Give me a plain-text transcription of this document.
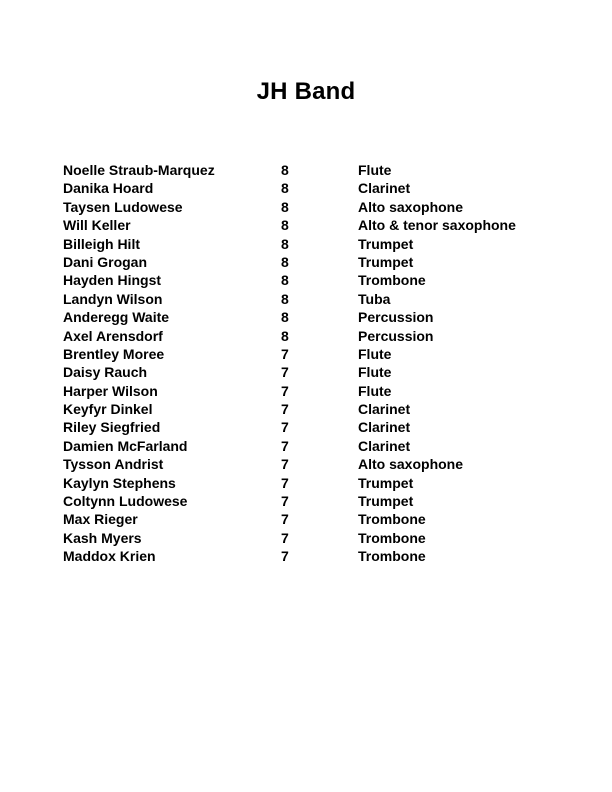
JH Band
Noelle Straub-Marquez	8	Flute
Danika Hoard	8	Clarinet
Taysen Ludowese	8	Alto saxophone
Will Keller	8	Alto & tenor saxophone
Billeigh Hilt	8	Trumpet
Dani Grogan	8	Trumpet
Hayden Hingst	8	Trombone
Landyn Wilson	8	Tuba
Anderegg Waite	8	Percussion
Axel Arensdorf	8	Percussion
Brentley Moree	7	Flute
Daisy Rauch	7	Flute
Harper Wilson	7	Flute
Keyfyr Dinkel	7	Clarinet
Riley Siegfried	7	Clarinet
Damien McFarland	7	Clarinet
Tysson Andrist	7	Alto saxophone
Kaylyn Stephens	7	Trumpet
Coltynn Ludowese	7	Trumpet
Max Rieger	7	Trombone
Kash Myers	7	Trombone
Maddox Krien	7	Trombone
